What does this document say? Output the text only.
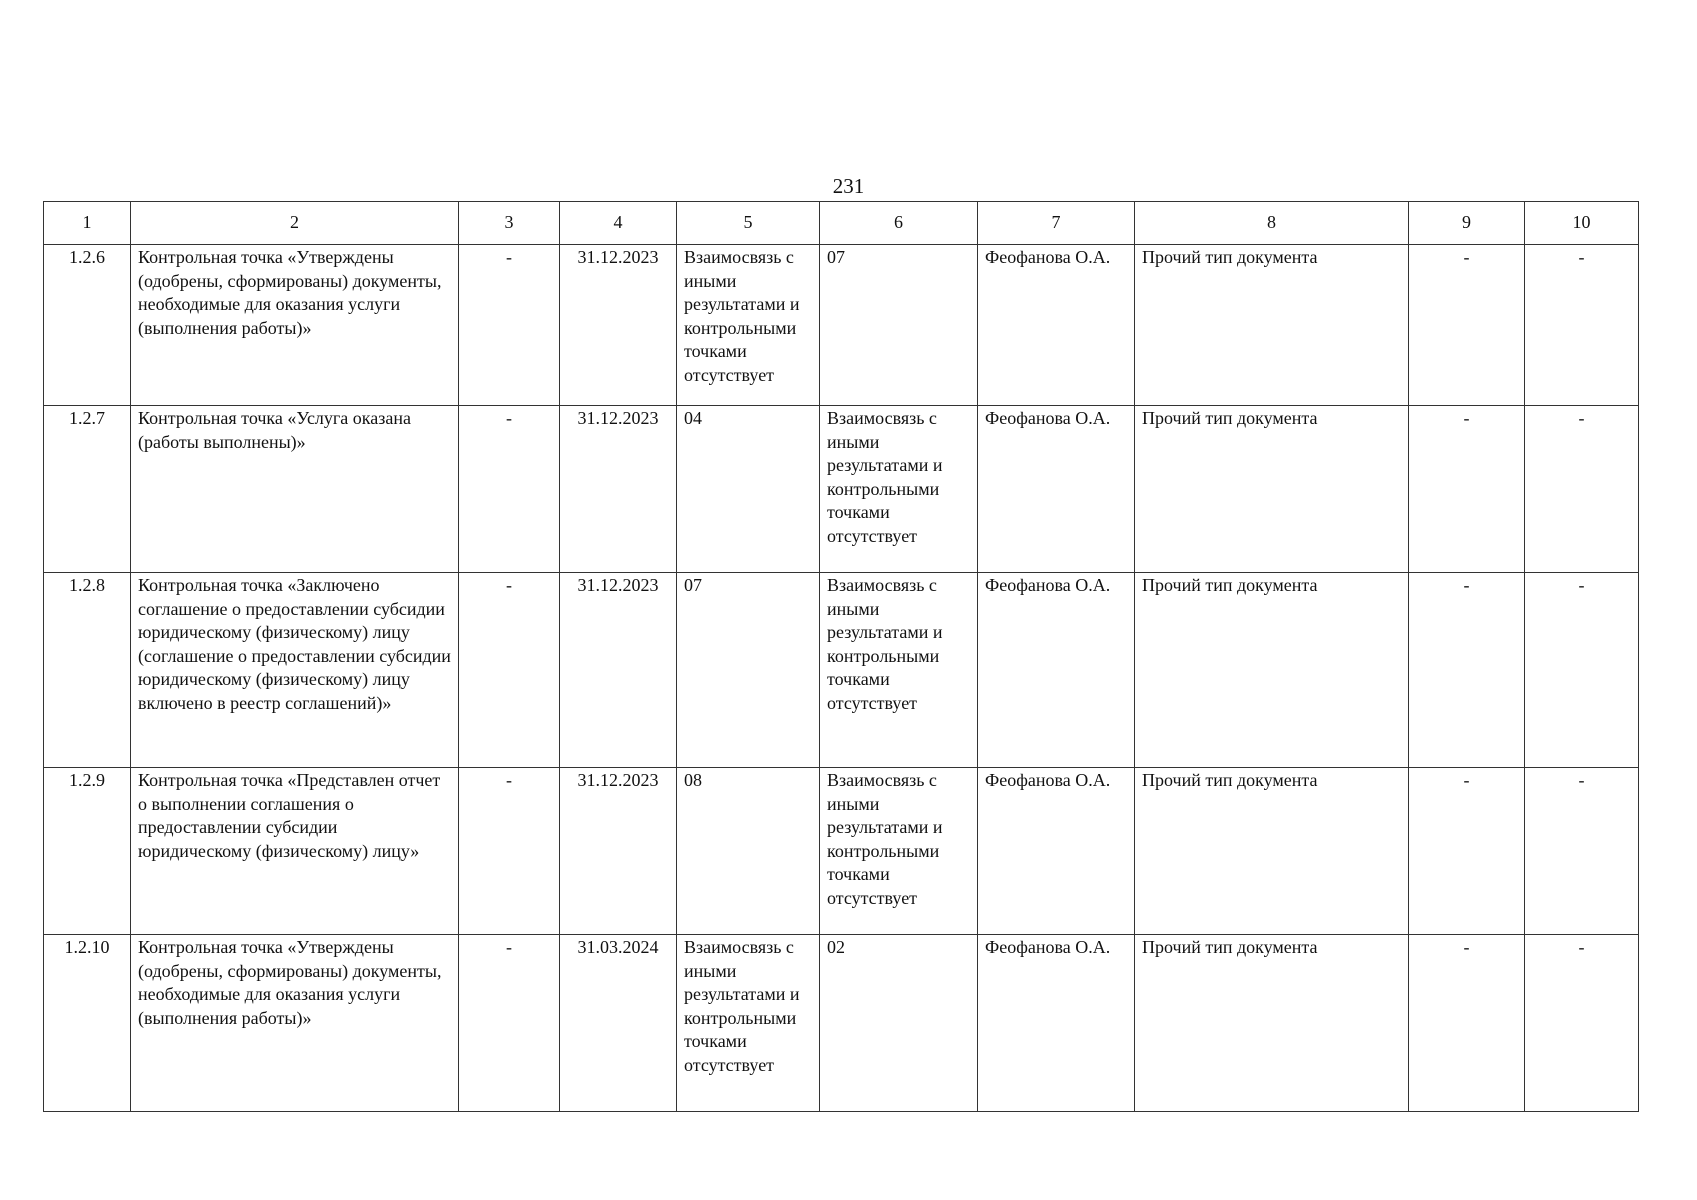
231
1	2	3	4	5	6	7	8	9	10
1.2.6	Контрольная точка «Утверждены (одобрены, сформированы) документы, необходимые для оказания услуги (выполнения работы)»	-	31.12.2023	Взаимосвязь с иными результатами и контрольными точками отсутствует	07	Феофанова О.А.	Прочий тип документа	-	-
1.2.7	Контрольная точка «Услуга оказана (работы выполнены)»	-	31.12.2023	04	Взаимосвязь с иными результатами и контрольными точками отсутствует	Феофанова О.А.	Прочий тип документа	-	-
1.2.8	Контрольная точка «Заключено соглашение о предоставлении субсидии юридическому (физическому) лицу (соглашение о предоставлении субсидии юридическому (физическому) лицу включено в реестр соглашений)»	-	31.12.2023	07	Взаимосвязь с иными результатами и контрольными точками отсутствует	Феофанова О.А.	Прочий тип документа	-	-
1.2.9	Контрольная точка «Представлен отчет о выполнении соглашения о предоставлении субсидии юридическому (физическому) лицу»	-	31.12.2023	08	Взаимосвязь с иными результатами и контрольными точками отсутствует	Феофанова О.А.	Прочий тип документа	-	-
1.2.10	Контрольная точка «Утверждены (одобрены, сформированы) документы, необходимые для оказания услуги (выполнения работы)»	-	31.03.2024	Взаимосвязь с иными результатами и контрольными точками отсутствует	02	Феофанова О.А.	Прочий тип документа	-	-
